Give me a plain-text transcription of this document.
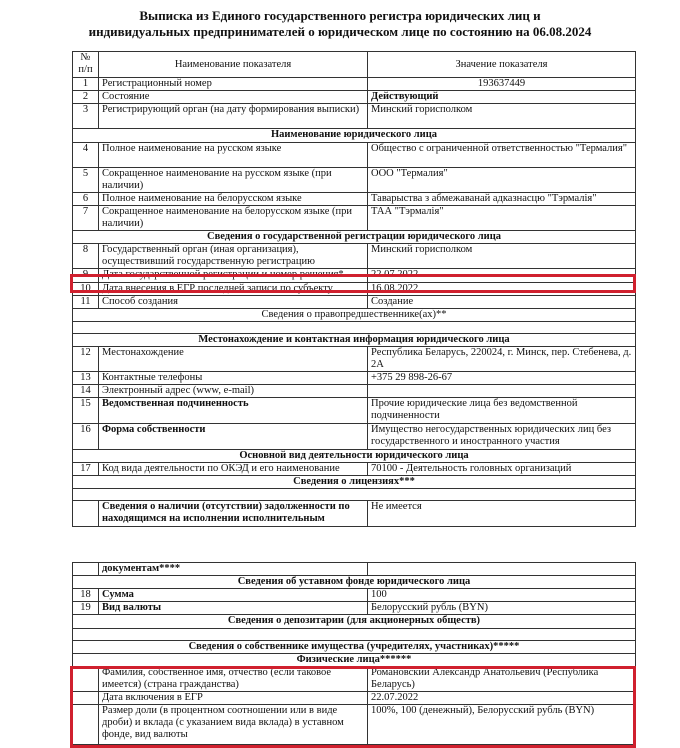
Выписка из Единого государственного регистра юридических лиц и
индивидуальных предпринимателей о юридическом лице по состоянию на 06.08.2024
№
п/п	Наименование показателя	Значение показателя
1	Регистрационный номер	193637449
2	Состояние	Действующий
3	Регистрирующий орган (на дату формирования выписки)	Минский горисполком
Наименование юридического лица		
4	Полное наименование на русском языке	Общество с ограниченной ответственностью "Термалия"
5	Сокращенное наименование на русском языке (при наличии)	ООО "Термалия"
6	Полное наименование на белорусском языке	Таварыства з абмежаванай адказнасцю "Тэрмалія"
7	Сокращенное наименование на белорусском языке (при наличии)	ТАА "Тэрмалія"
Сведения о государственной регистрации юридического лица		
8	Государственный орган (иная организация), осуществивший государственную регистрацию	Минский горисполком
9	Дата государственной регистрации и номер решения*	22.07.2022
10	Дата внесения в ЕГР последней записи по субъекту	16.08.2022
11	Способ создания	Создание
Сведения о правопредшественнике(ах)**		

Местонахождение и контактная информация юридического лица		
12	Местонахождение	Республика Беларусь, 220024, г. Минск, пер. Стебенева, д. 2А
13	Контактные телефоны	+375 29 898-26-67
14	Электронный адрес (www, e-mail)	
15	Ведомственная подчиненность	Прочие юридические лица без ведомственной подчиненности
16	Форма собственности	Имущество негосударственных юридических лиц без государственного и иностранного участия
Основной вид деятельности юридического лица		
17	Код вида деятельности по ОКЭД и его наименование	70100 - Деятельность головных организаций
Сведения о лицензиях***		

	Сведения о наличии (отсутствии) задолженности по находящимся на исполнении исполнительным	Не имеется
	документам****	
Сведения об уставном фонде юридического лица		
18	Сумма	100
19	Вид валюты	Белорусский рубль (BYN)
Сведения о депозитарии (для акционерных обществ)		

Сведения о собственнике имущества (учредителях, участниках)*****		
Физические лица******		
	Фамилия, собственное имя, отчество (если таковое имеется) (страна гражданства)	Романовский Александр Анатольевич (Республика Беларусь)
	Дата включения в ЕГР	22.07.2022
	Размер доли (в процентном соотношении или в виде дроби) и вклада (с указанием вида вклада) в уставном фонде, вид валюты	100%, 100 (денежный), Белорусский рубль (BYN)
